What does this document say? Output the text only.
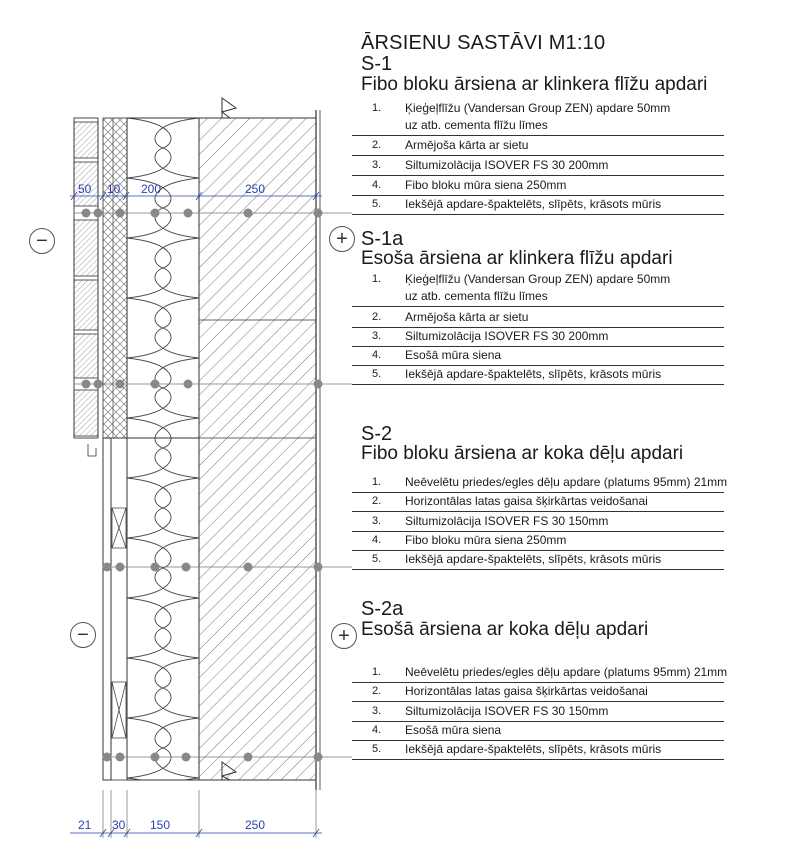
50 10 200	250
21 30 150	250
−	+
−	+
ĀRSIENU SASTĀVI M1:10
S-1
Fibo bloku ārsiena ar klinkera flīžu apdari
1.	Ķieģeļflīžu (Vandersan Group ZEN) apdare 50mm
uz atb. cementa flīžu līmes
2.	Armējoša kārta ar sietu
3.	Siltumizolācija ISOVER FS 30 200mm
4.	Fibo bloku mūra siena 250mm
5.	Iekšējā apdare-špaktelēts, slīpēts, krāsots mūris
S-1a
Esoša ārsiena ar klinkera flīžu apdari
1.	Ķieģeļflīžu (Vandersan Group ZEN) apdare 50mm
uz atb. cementa flīžu līmes
2.	Armējoša kārta ar sietu
3.	Siltumizolācija ISOVER FS 30 200mm
4.	Esošā mūra siena
5.	Iekšējā apdare-špaktelēts, slīpēts, krāsots mūris
S-2
Fibo bloku ārsiena ar koka dēļu apdari
1.	Neēvelētu priedes/egles dēļu apdare (platums 95mm) 21mm
2.	Horizontālas latas gaisa šķirkārtas veidošanai
3.	Siltumizolācija ISOVER FS 30 150mm
4.	Fibo bloku mūra siena 250mm
5.	Iekšējā apdare-špaktelēts, slīpēts, krāsots mūris
S-2a
Esošā ārsiena ar koka dēļu apdari
1.	Neēvelētu priedes/egles dēļu apdare (platums 95mm) 21mm
2.	Horizontālas latas gaisa šķirkārtas veidošanai
3.	Siltumizolācija ISOVER FS 30 150mm
4.	Esošā mūra siena
5.	Iekšējā apdare-špaktelēts, slīpēts, krāsots mūris
